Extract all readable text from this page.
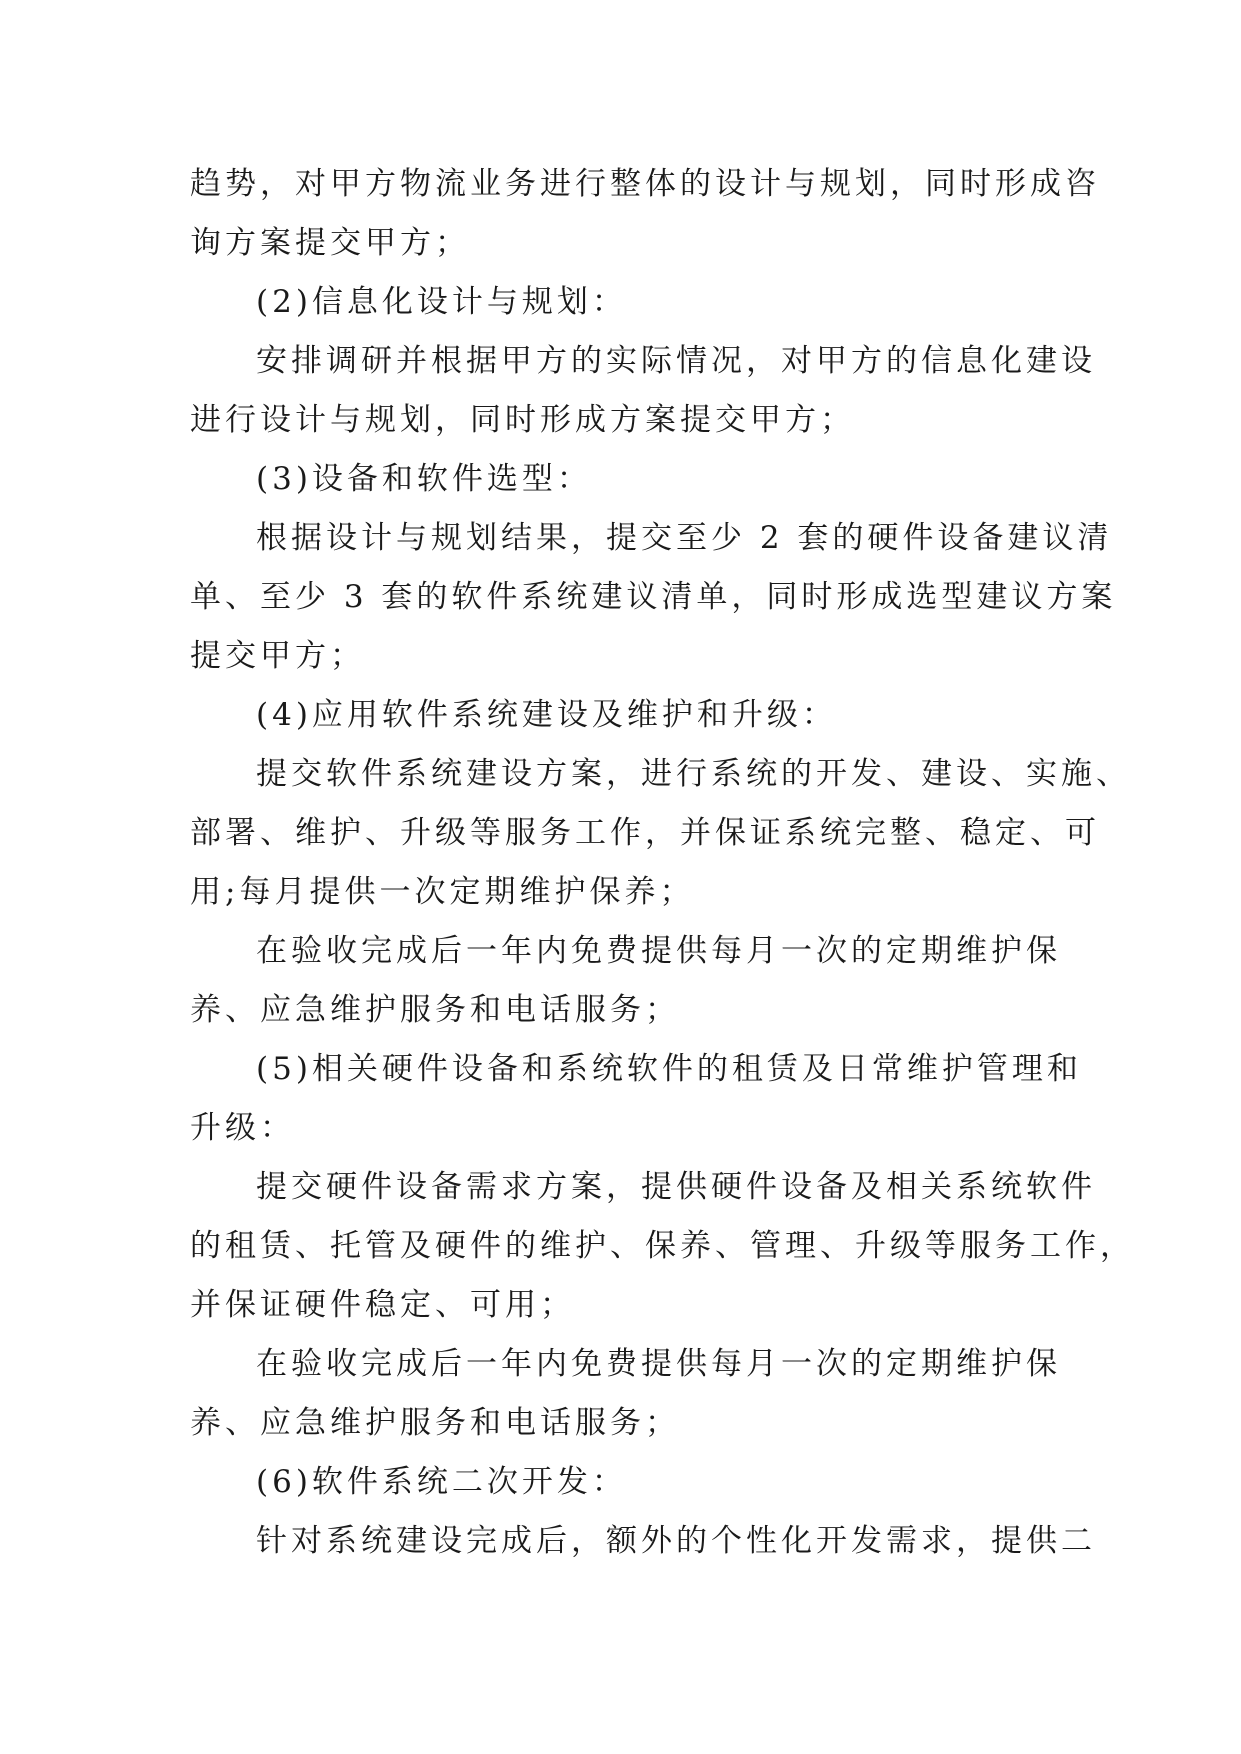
趋势，对甲方物流业务进行整体的设计与规划，同时形成咨
询方案提交甲方；
(2)信息化设计与规划：
安排调研并根据甲方的实际情况，对甲方的信息化建设
进行设计与规划，同时形成方案提交甲方；
(3)设备和软件选型：
根据设计与规划结果，提交至少 2 套的硬件设备建议清
单、至少 3 套的软件系统建议清单，同时形成选型建议方案
提交甲方；
(4)应用软件系统建设及维护和升级：
提交软件系统建设方案，进行系统的开发、建设、实施、
部署、维护、升级等服务工作，并保证系统完整、稳定、可
用;每月提供一次定期维护保养；
在验收完成后一年内免费提供每月一次的定期维护保
养、应急维护服务和电话服务；
(5)相关硬件设备和系统软件的租赁及日常维护管理和
升级：
提交硬件设备需求方案，提供硬件设备及相关系统软件
的租赁、托管及硬件的维护、保养、管理、升级等服务工作，
并保证硬件稳定、可用；
在验收完成后一年内免费提供每月一次的定期维护保
养、应急维护服务和电话服务；
(6)软件系统二次开发：
针对系统建设完成后，额外的个性化开发需求，提供二
